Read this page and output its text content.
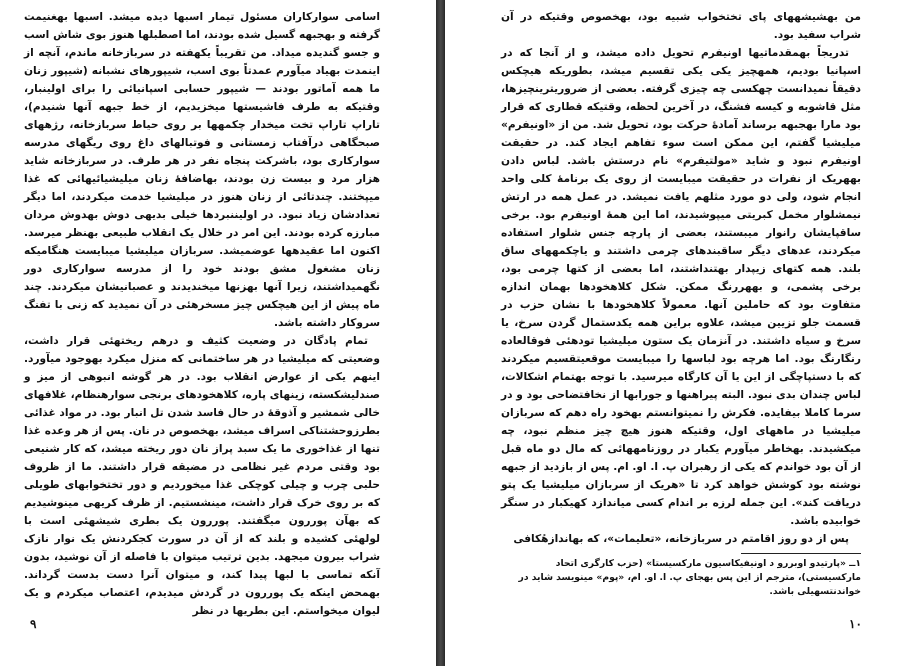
اسامی سوارکاران مسئول تیمار اسبها دیده میشد. اسبها بهغنیمت گرفته و بهجبهه گسیل شده بودند، اما اصطبلها هنوز بوی شاش اسب و جسو گندیده میداد. من تقریباً یکهفته در سربازخانه ماندم، آنچه از اینمدت بهیاد میآورم عمدتاً بوی اسب، شیپورهای نشبانه (شیپور زنان ما همه آماتور بودند — شیپور حسابی اسپانیائی را برای اولینبار، وقتیکه به طرف فاشیستها میخزیدیم، از خط جبهه آنها شنیدم)، تاراپ تاراپ تخت میخدار چکمهها بر روی حیاط سربازخانه، رژههای صبحگاهی درآفتاب زمستانی و فوتبالهای داغ روی ریگهای مدرسه سوارکاری بود، باشرکت پنجاه نفر در هر طرف. در سربازخانه شاید هزار مرد و بیست زن بودند، بهاضافهٔ زنان میلیشیائیهائی که غذا میپختند. چندتائی از زنان هنوز در میلیشیا خدمت میکردند، اما دیگر تعدادشان زیاد نبود. در اولیننبردها خیلی بدیهی دوش بهدوش مردان مبارزه کرده بودند. این امر در خلال یک انقلاب طبیعی بهنظر میرسد. اکنون اما عقیدهها عوضمیشد. سربازان میلیشیا میبایست هنگامیکه زنان مشغول مشق بودند خود را از مدرسه سوارکاری دور نگهمیداشتند، زیرا آنها بهزنها میخندیدند و عصبانیشان میکردند. چند ماه پیش از این هیچکس چیز مسخرهئی در آن نمیدید که زنی با تفنگ سروکار داشته باشد.

تمام پادگان در وضعیت کثیف و درهم ریختهئی قرار داشت، وضعیتی که میلیشیا در هر ساختمانی که منزل میکرد بهوجود میآورد. اینهم یکی از عوارض انقلاب بود. در هر گوشه انبوهی از میز و صندلیشکسته، زینهای پاره، کلاهخودهای برنجی سوارهنظام، غلافهای خالی شمشیر و آذوقهٔ در حال فاسد شدن تل انبار بود. در مواد غذائی بطرزوحشتناکی اسراف میشد، بهخصوص در نان. پس از هر وعده غذا تنها از غذاخوری ما یک سبد پراز نان دور ریخته میشد، که کار شنیعی بود وقتی مردم غیر نظامی در مضیقه قرار داشتند. ما از ظروف حلبی چرب و چیلی کوچکی غذا میخوردیم و دور تختخوابهای طویلی که بر روی خرک قرار داشت، مینشستیم. از ظرف کریهی مینوشیدیم که بهآن پوررون میگفتند. پوررون یک بطری شیشهئی است با لولهئی کشیده و بلند که از آن در سورت کجکردنش یک نوار نازک شراب بیرون میجهد. بدین ترتیب میتوان با فاصله از آن نوشید، بدون آنکه تماسی با لبها پیدا کند، و میتوان آنرا دست بدست گرداند. بهمحض اینکه یک پوررون در گردش میدیدم، اعتصاب میکردم و یک لیوان میخواستم. این بطریها در نظر

۹

من بهشیشههای پای تختخواب شبیه بود، بهخصوص وقتیکه در آن شراب سفید بود.

تدریجاً بهمقدماتیها اونیفرم تحویل داده میشد، و از آنجا که در اسپانیا بودیم، همهچیز یکی یکی تقسیم میشد، بطوریکه هیچکس دقیقاً نمیدانست چهکسی چه چیزی گرفته. بعضی از ضروریترینچیزها، مثل قاشوبه و کیسه فشنگ، در آخرین لحظه، وقتیکه قطاری که قرار بود مارا بهجبهه برساند آمادهٔ حرکت بود، تحویل شد. من از «اونیفرم» میلیشیا گفتم، این ممکن است سوء تفاهم ایجاد کند. در حقیقت اونیفرم نبود و شاید «مولتیفرم» نام درستش باشد. لباس دادن بههریک از نفرات در حقیقت میبایست از روی یک برنامهٔ کلی واحد انجام شود، ولی دو مورد مثلهم یافت نمیشد. در عمل همه در ارتش نیمشلوار مخمل کبریتی میپوشیدند، اما این همهٔ اونیفرم بود. برخی ساقپایشان رانوار میبستند، بعضی از پارچه جنس شلوار استفاده میکردند، عدهای دیگر ساقبندهای چرمی داشتند و یاچکمههای ساق بلند. همه کتهای زیپدار بهتنداشتند، اما بعضی از کتها چرمی بود، برخی پشمی، و بههررنگ ممکن. شکل کلاهخودها بهمان اندازه متفاوت بود که حاملین آنها. معمولاً کلاهخودها با نشان حزب در قسمت جلو تزیین میشد، علاوه براین همه یکدستمال گردن سرخ، یا سرخ و سیاه داشتند. در آنزمان یک ستون میلیشیا تودهئی فوقالعاده رنگارنگ بود. اما هرچه بود لباسها را میبایست موقعیتقسیم میکردند که با دستپاچگی از این یا آن کارگاه میرسید. با توجه بهتمام اشکالات، لباس چندان بدی نبود. البته پیراهنها و جورابها از نخافتضاحی بود و در سرما کاملا بیفایده. فکرش را نمیتوانستم بهخود راه دهم که سربازان میلیشیا در ماههای اول، وقتیکه هنوز هیچ چیز منظم نبود، چه میکشیدند. بهخاطر میآورم یکبار در روزنامههائی که مال دو ماه قبل از آن بود خواندم که یکی از رهبران پ. ا. او. ام. پس از بازدید از جبهه نوشته بود کوشش خواهد کرد تا «هریک از سربازان میلیشیا یک پتو دریافت کند». این جمله لرزه بر اندام کسی میاندازد کهیکبار در سنگر خوابیده باشد.

پس از دو روز اقامتم در سربازخانه، «تعلیمات»، که بهاندازهٔکافی

۱ــ «پارتیدو اوبررو د اونیفیکاسیون مارکسیستا» (حزب کارگری اتحاد مارکسیستی)، مترجم از این پس بهجای پ. ا. او. ام، «پوم» مینویسد شاید در خواندنتسهیلی باشد.
۱۰
